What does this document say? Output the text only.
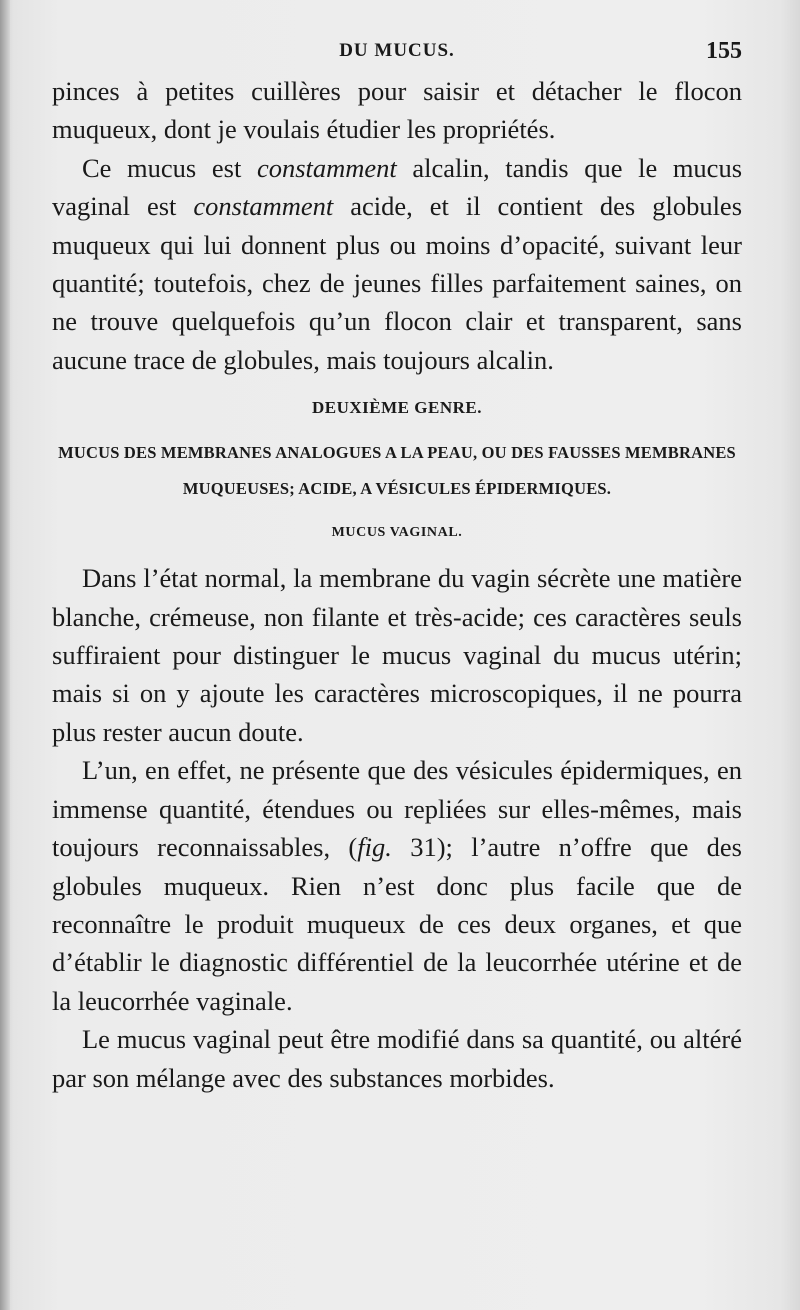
DU MUCUS.	155

pinces à petites cuillères pour saisir et détacher le flocon muqueux, dont je voulais étudier les propriétés.

Ce mucus est constamment alcalin, tandis que le mucus vaginal est constamment acide, et il contient des globules muqueux qui lui donnent plus ou moins d’opacité, suivant leur quantité; toutefois, chez de jeunes filles parfaitement saines, on ne trouve quelquefois qu’un flocon clair et transparent, sans aucune trace de globules, mais toujours alcalin.

DEUXIÈME GENRE.
MUCUS DES MEMBRANES ANALOGUES A LA PEAU, OU DES FAUSSES MEMBRANES MUQUEUSES; ACIDE, A VÉSICULES ÉPIDERMIQUES.
MUCUS VAGINAL.

Dans l’état normal, la membrane du vagin sécrète une matière blanche, crémeuse, non filante et très-acide; ces caractères seuls suffiraient pour distinguer le mucus vaginal du mucus utérin; mais si on y ajoute les caractères microscopiques, il ne pourra plus rester aucun doute.

L’un, en effet, ne présente que des vésicules épidermiques, en immense quantité, étendues ou repliées sur elles-mêmes, mais toujours reconnaissables, (fig. 31); l’autre n’offre que des globules muqueux. Rien n’est donc plus facile que de reconnaître le produit muqueux de ces deux organes, et que d’établir le diagnostic différentiel de la leucorrhée utérine et de la leucorrhée vaginale.

Le mucus vaginal peut être modifié dans sa quantité, ou altéré par son mélange avec des substances morbides.
